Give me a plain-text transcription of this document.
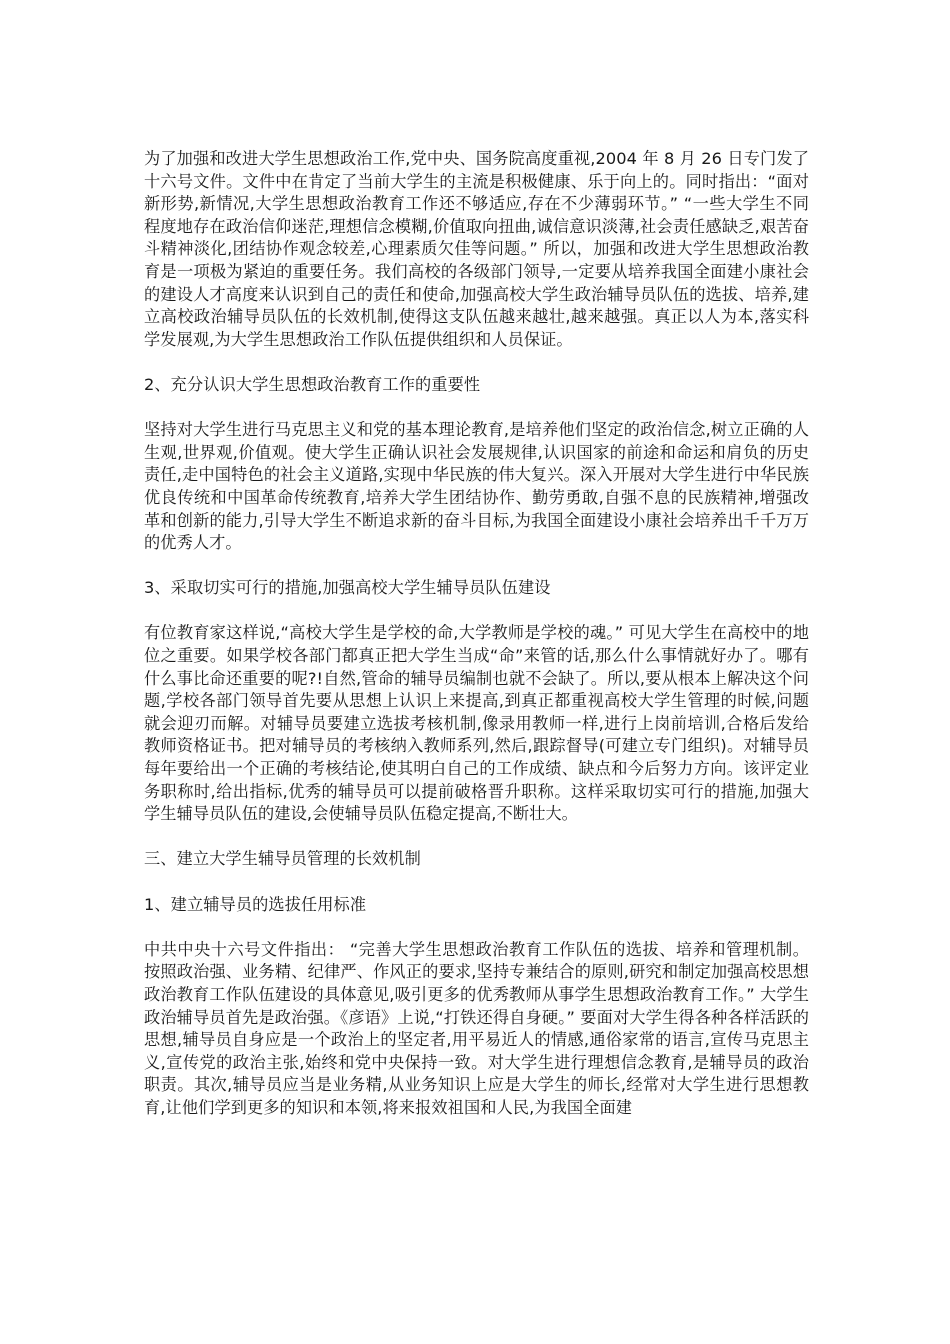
为了加强和改进大学生思想政治工作,党中央、国务院高度重视,2004 年 8 月 26 日专门发了十六号文件。文件中在肯定了当前大学生的主流是积极健康、乐于向上的。同时指出：“面对新形势,新情况,大学生思想政治教育工作还不够适应,存在不少薄弱环节。” “一些大学生不同程度地存在政治信仰迷茫,理想信念模糊,价值取向扭曲,诚信意识淡薄,社会责任感缺乏,艰苦奋斗精神淡化,团结协作观念较差,心理素质欠佳等问题。” 所以，加强和改进大学生思想政治教育是一项极为紧迫的重要任务。我们高校的各级部门领导,一定要从培养我国全面建小康社会的建设人才高度来认识到自己的责任和使命,加强高校大学生政治辅导员队伍的选拔、培养,建立高校政治辅导员队伍的长效机制,使得这支队伍越来越壮,越来越强。真正以人为本,落实科学发展观,为大学生思想政治工作队伍提供组织和人员保证。

2、充分认识大学生思想政治教育工作的重要性

坚持对大学生进行马克思主义和党的基本理论教育,是培养他们坚定的政治信念,树立正确的人生观,世界观,价值观。使大学生正确认识社会发展规律,认识国家的前途和命运和肩负的历史责任,走中国特色的社会主义道路,实现中华民族的伟大复兴。深入开展对大学生进行中华民族优良传统和中国革命传统教育,培养大学生团结协作、勤劳勇敢,自强不息的民族精神,增强改革和创新的能力,引导大学生不断追求新的奋斗目标,为我国全面建设小康社会培养出千千万万的优秀人才。

3、采取切实可行的措施,加强高校大学生辅导员队伍建设

有位教育家这样说,“高校大学生是学校的命,大学教师是学校的魂。” 可见大学生在高校中的地位之重要。如果学校各部门都真正把大学生当成“命”来管的话,那么什么事情就好办了。哪有什么事比命还重要的呢?!自然,管命的辅导员编制也就不会缺了。所以,要从根本上解决这个问题,学校各部门领导首先要从思想上认识上来提高,到真正都重视高校大学生管理的时候,问题就会迎刃而解。对辅导员要建立选拔考核机制,像录用教师一样,进行上岗前培训,合格后发给教师资格证书。把对辅导员的考核纳入教师系列,然后,跟踪督导(可建立专门组织)。对辅导员每年要给出一个正确的考核结论,使其明白自己的工作成绩、缺点和今后努力方向。该评定业务职称时,给出指标,优秀的辅导员可以提前破格晋升职称。这样采取切实可行的措施,加强大学生辅导员队伍的建设,会使辅导员队伍稳定提高,不断壮大。

三、建立大学生辅导员管理的长效机制

1、建立辅导员的选拔任用标准

中共中央十六号文件指出： “完善大学生思想政治教育工作队伍的选拔、培养和管理机制。按照政治强、业务精、纪律严、作风正的要求,坚持专兼结合的原则,研究和制定加强高校思想政治教育工作队伍建设的具体意见,吸引更多的优秀教师从事学生思想政治教育工作。” 大学生政治辅导员首先是政治强。《彦语》上说,“打铁还得自身硬。” 要面对大学生得各种各样活跃的思想,辅导员自身应是一个政治上的坚定者,用平易近人的情感,通俗家常的语言,宣传马克思主义,宣传党的政治主张,始终和党中央保持一致。对大学生进行理想信念教育,是辅导员的政治职责。其次,辅导员应当是业务精,从业务知识上应是大学生的师长,经常对大学生进行思想教育,让他们学到更多的知识和本领,将来报效祖国和人民,为我国全面建
